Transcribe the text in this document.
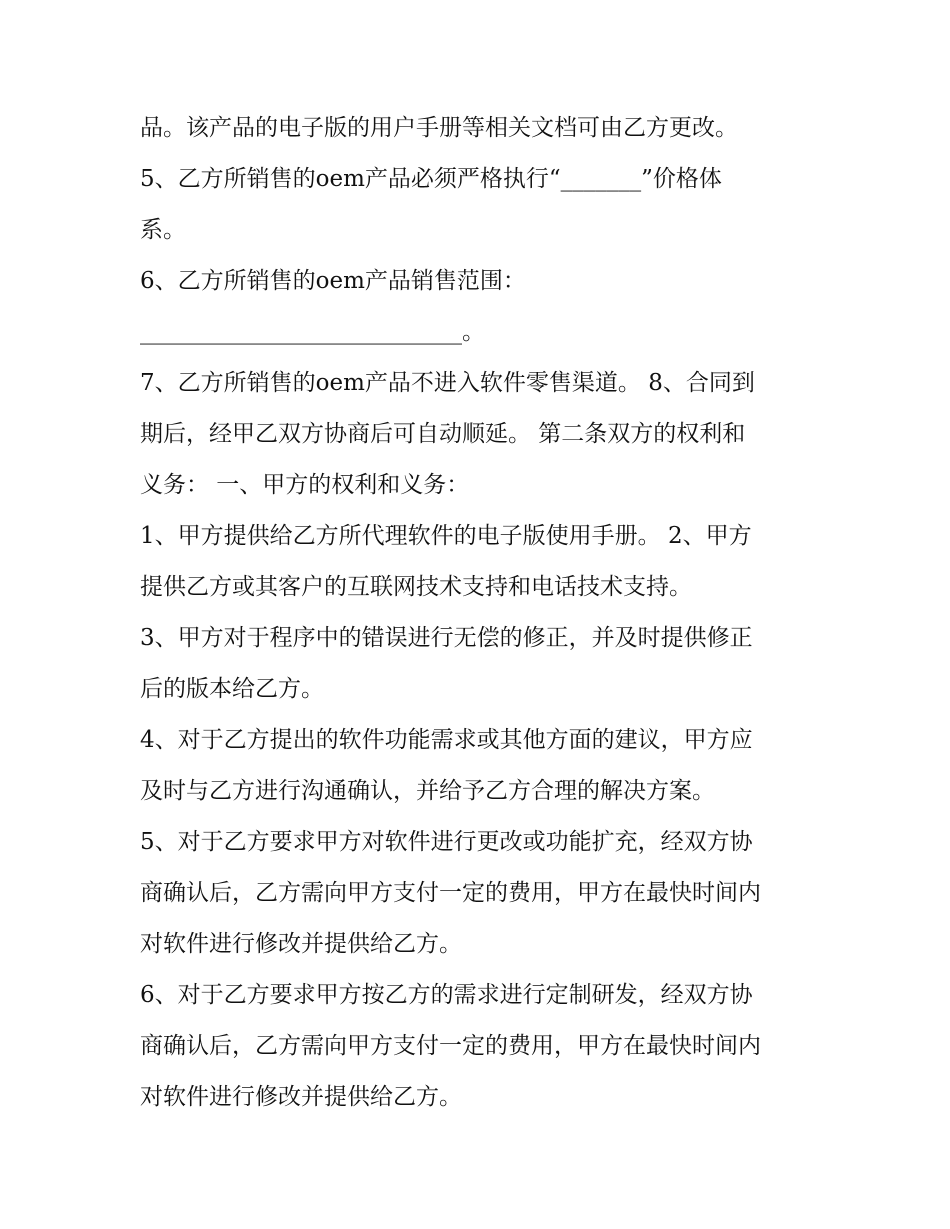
品。该产品的电子版的用户手册等相关文档可由乙方更改。
5、乙方所销售的oem产品必须严格执行“_______”价格体
系。
6、乙方所销售的oem产品销售范围：
____________________________。
7、乙方所销售的oem产品不进入软件零售渠道。 8、合同到
期后，经甲乙双方协商后可自动顺延。 第二条双方的权利和
义务： 一、甲方的权利和义务：
1、甲方提供给乙方所代理软件的电子版使用手册。 2、甲方
提供乙方或其客户的互联网技术支持和电话技术支持。
3、甲方对于程序中的错误进行无偿的修正，并及时提供修正
后的版本给乙方。
4、对于乙方提出的软件功能需求或其他方面的建议，甲方应
及时与乙方进行沟通确认，并给予乙方合理的解决方案。
5、对于乙方要求甲方对软件进行更改或功能扩充，经双方协
商确认后，乙方需向甲方支付一定的费用，甲方在最快时间内
对软件进行修改并提供给乙方。
6、对于乙方要求甲方按乙方的需求进行定制研发，经双方协
商确认后，乙方需向甲方支付一定的费用，甲方在最快时间内
对软件进行修改并提供给乙方。
